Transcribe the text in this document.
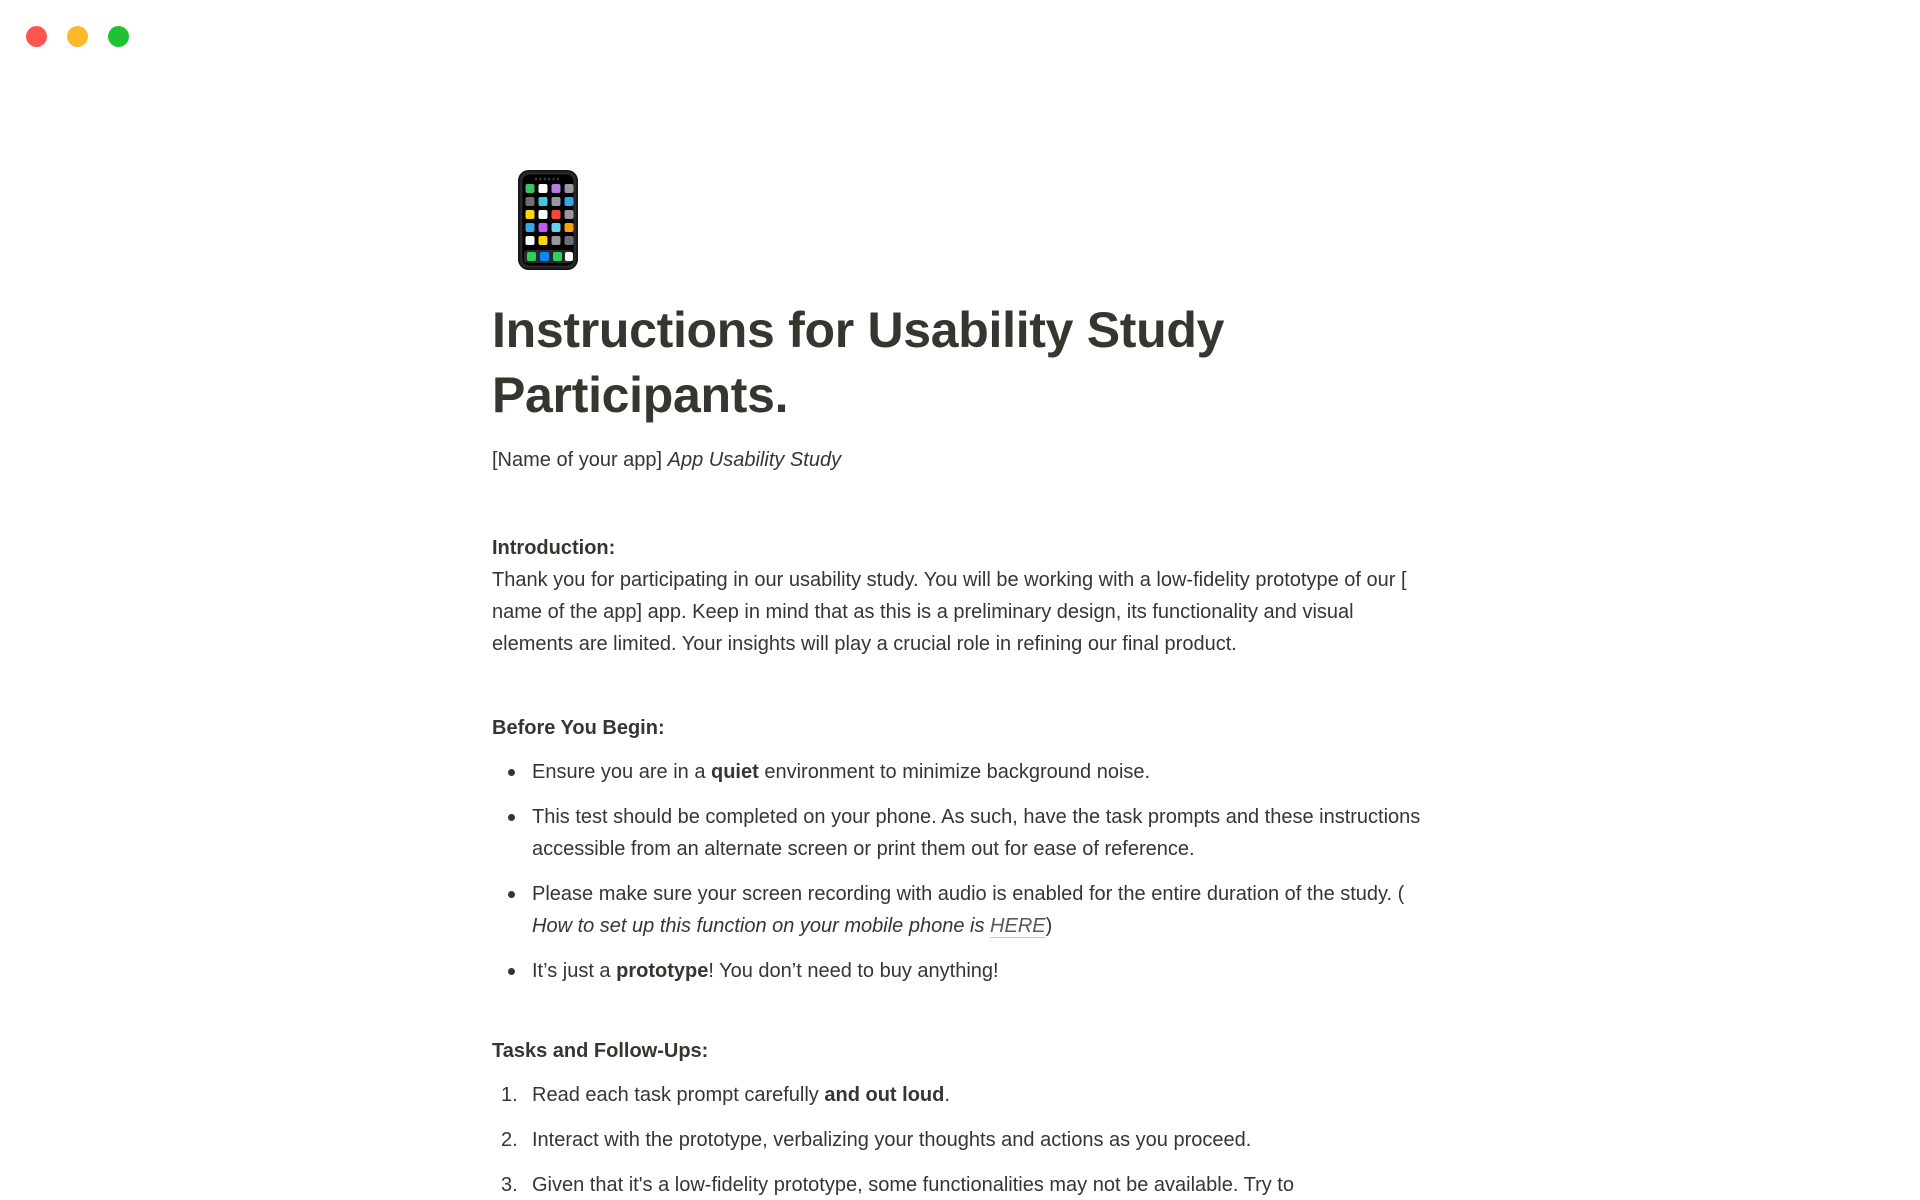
Instructions for Usability Study Participants.
[Name of your app] App Usability Study
Introduction:
Thank you for participating in our usability study. You will be working with a low-fidelity prototype of our [ name of the app] app. Keep in mind that as this is a preliminary design, its functionality and visual elements are limited. Your insights will play a crucial role in refining our final product.
Before You Begin:
Ensure you are in a quiet environment to minimize background noise.
This test should be completed on your phone. As such, have the task prompts and these instructions accessible from an alternate screen or print them out for ease of reference.
Please make sure your screen recording with audio is enabled for the entire duration of the study. ( How to set up this function on your mobile phone is HERE)
It’s just a prototype! You don’t need to buy anything!
Tasks and Follow-Ups:
1. Read each task prompt carefully and out loud.
2. Interact with the prototype, verbalizing your thoughts and actions as you proceed.
3. Given that it's a low-fidelity prototype, some functionalities may not be available. Try to
